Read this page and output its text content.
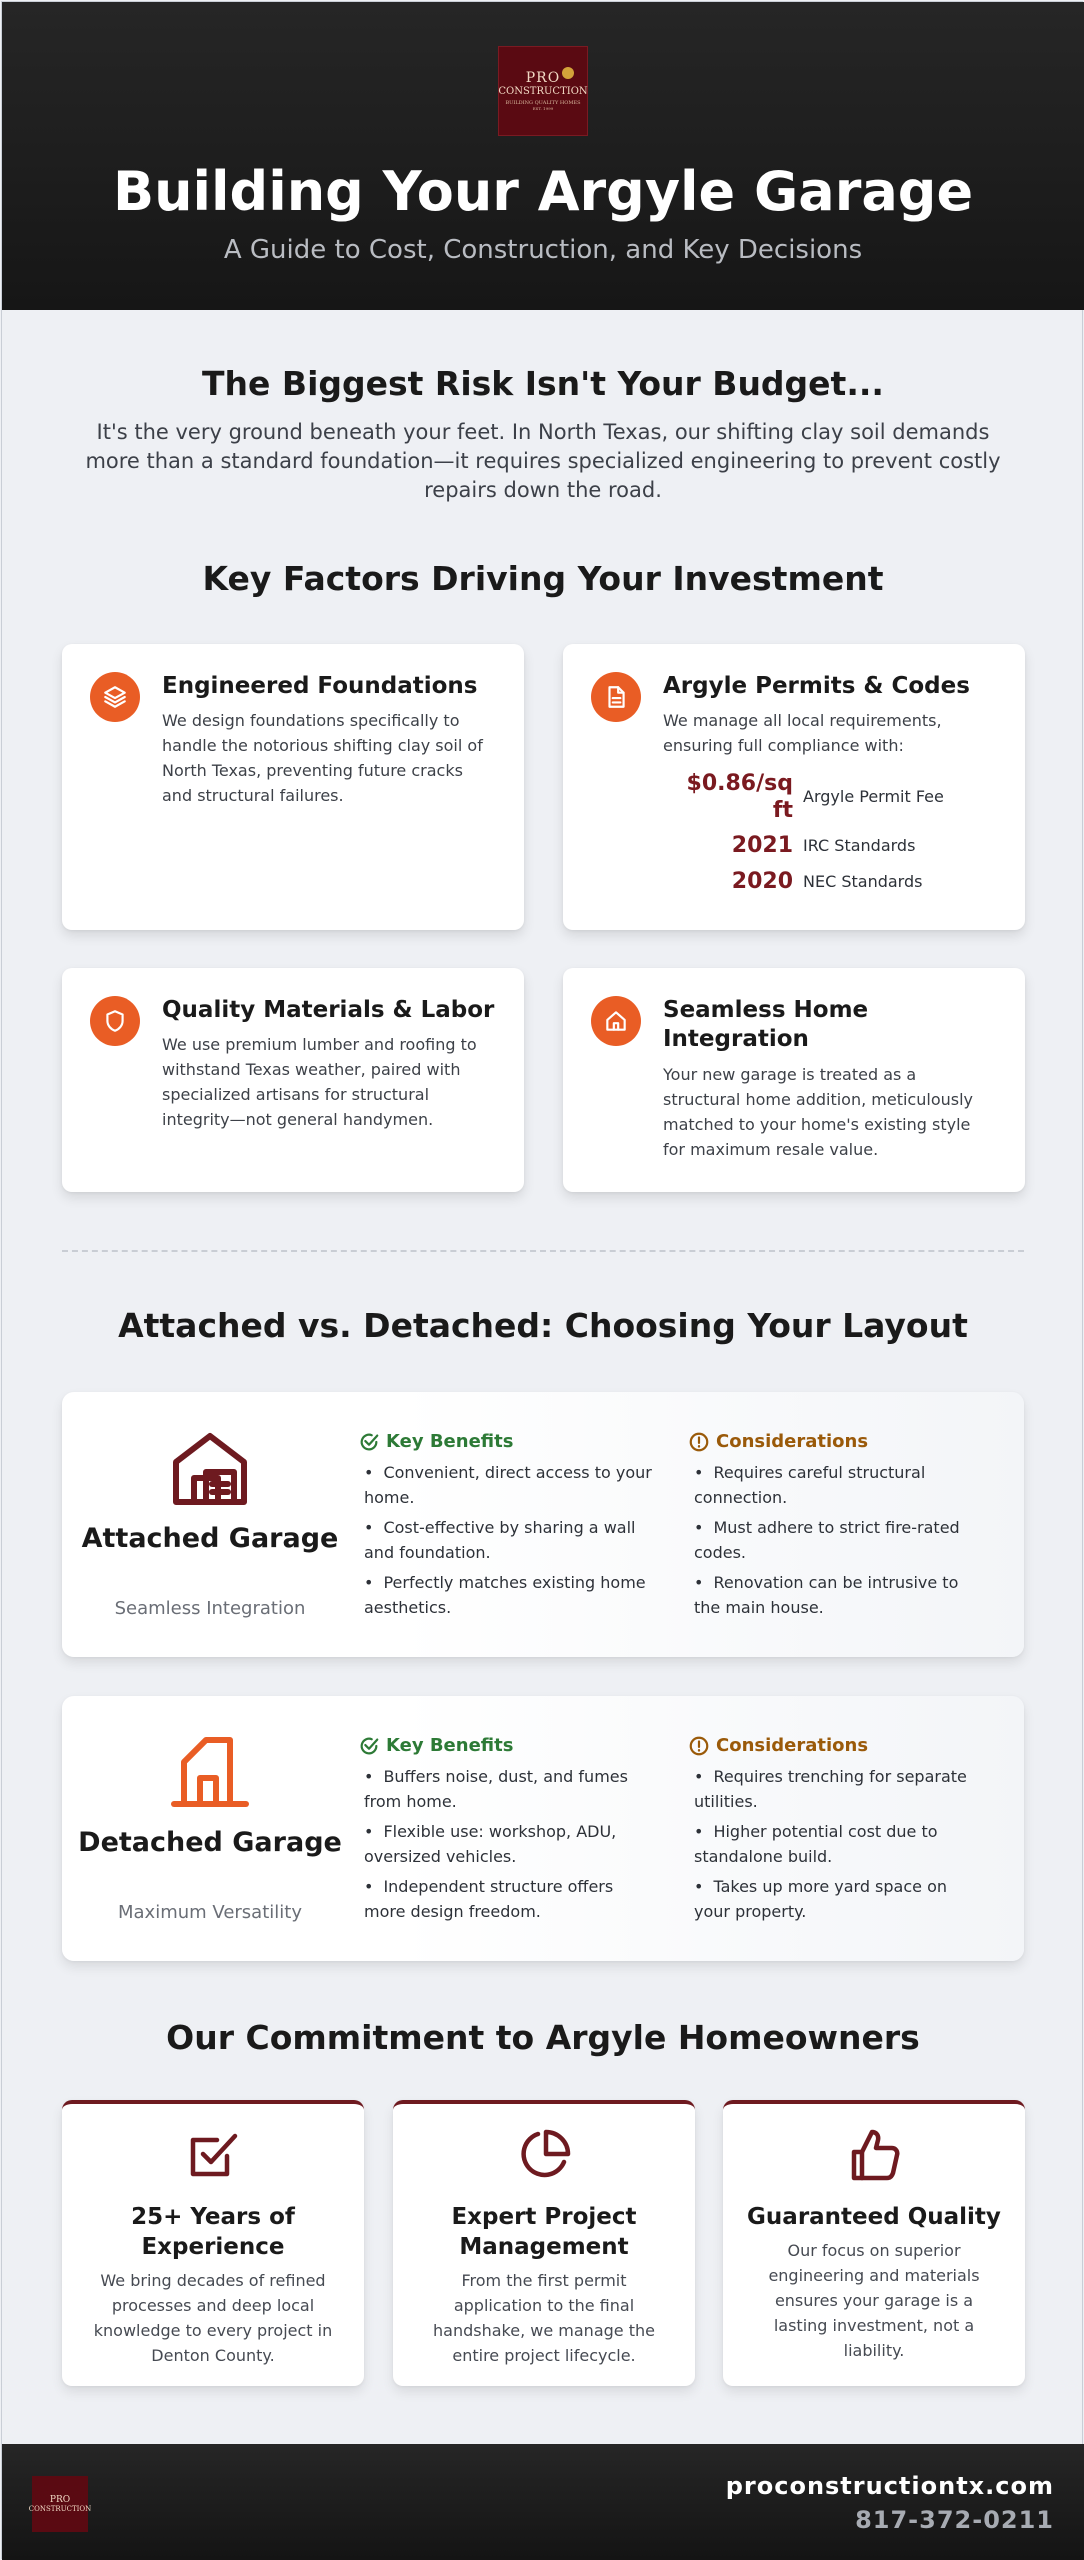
PRO
CONSTRUCTION
BUILDING QUALITY HOMES
EST. 1999
Building Your Argyle Garage
A Guide to Cost, Construction, and Key Decisions
The Biggest Risk Isn't Your Budget...

It's the very ground beneath your feet. In North Texas, our shifting clay soil demands more than a standard foundation—it requires specialized engineering to prevent costly repairs down the road.

Key Factors Driving Your Investment
Engineered Foundations
We design foundations specifically to handle the notorious shifting clay soil of North Texas, preventing future cracks and structural failures.
Argyle Permits & Codes
We manage all local requirements, ensuring full compliance with:
$0.86/sq ft
Argyle Permit Fee
2021 IRC Standards
2020 NEC Standards
Quality Materials & Labor
We use premium lumber and roofing to withstand Texas weather, paired with specialized artisans for structural integrity—not general handymen.
Seamless Home Integration
Your new garage is treated as a structural home addition, meticulously matched to your home's existing style for maximum resale value.
Attached vs. Detached: Choosing Your Layout
Attached Garage
Seamless Integration
Key Benefits
• Convenient, direct access to your home.
• Cost-effective by sharing a wall and foundation.
• Perfectly matches existing home aesthetics.
Considerations
• Requires careful structural connection.
• Must adhere to strict fire-rated codes.
• Renovation can be intrusive to the main house.
Detached Garage
Maximum Versatility
Key Benefits
• Buffers noise, dust, and fumes from home.
• Flexible use: workshop, ADU, oversized vehicles.
• Independent structure offers more design freedom.
Considerations
• Requires trenching for separate utilities.
• Higher potential cost due to standalone build.
• Takes up more yard space on your property.
Our Commitment to Argyle Homeowners
25+ Years of Experience
We bring decades of refined processes and deep local knowledge to every project in Denton County.
Expert Project Management
From the first permit application to the final handshake, we manage the entire project lifecycle.
Guaranteed Quality
Our focus on superior engineering and materials ensures your garage is a lasting investment, not a liability.
PRO
CONSTRUCTION
proconstructiontx.com
817-372-0211
